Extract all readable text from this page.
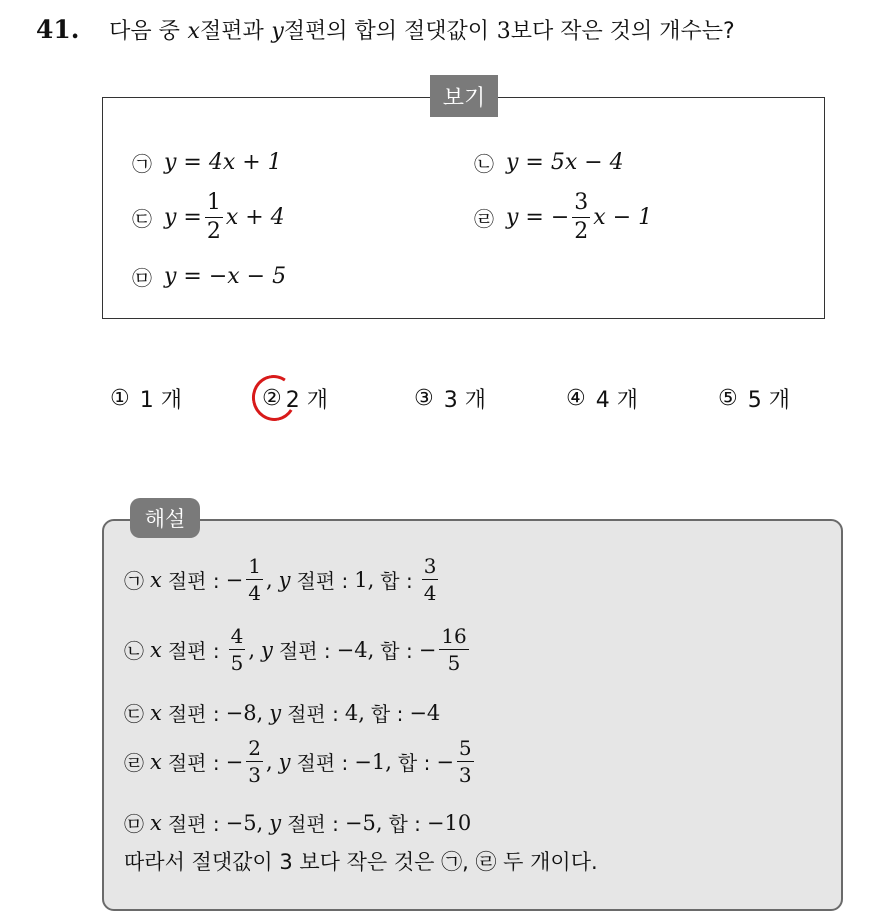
41. 다음 중 x절편과 y절편의 합의 절댓값이 3보다 작은 것의 개수는?
보기
㉠ y = 4x + 1	㉡ y = 5x − 4
㉢ $y = \frac{1}{2}$ x + 4	㉣ y = − $\frac{3}{2}$ x − 1
㉤ y = −x − 5
① 1 개	② 2 개	③ 3 개	④ 4 개	⑤ 5 개
해설
㉠ x 절편 : − $\frac{1}{4}$ , y 절편 : 1, 합 : $\frac{3}{4}$
㉡ x 절편 : $\frac{4}{5}$ , y 절편 : −4, 합 : − $\frac{16}{5}$
㉢ x 절편 : −8, y 절편 : 4, 합 : −4
㉣ x 절편 : − $\frac{2}{3}$ , y 절편 : −1, 합 : − $\frac{5}{3}$
㉤ x 절편 : −5, y 절편 : −5, 합 : −10
따라서 절댓값이 3 보다 작은 것은 ㉠, ㉣ 두 개이다.
